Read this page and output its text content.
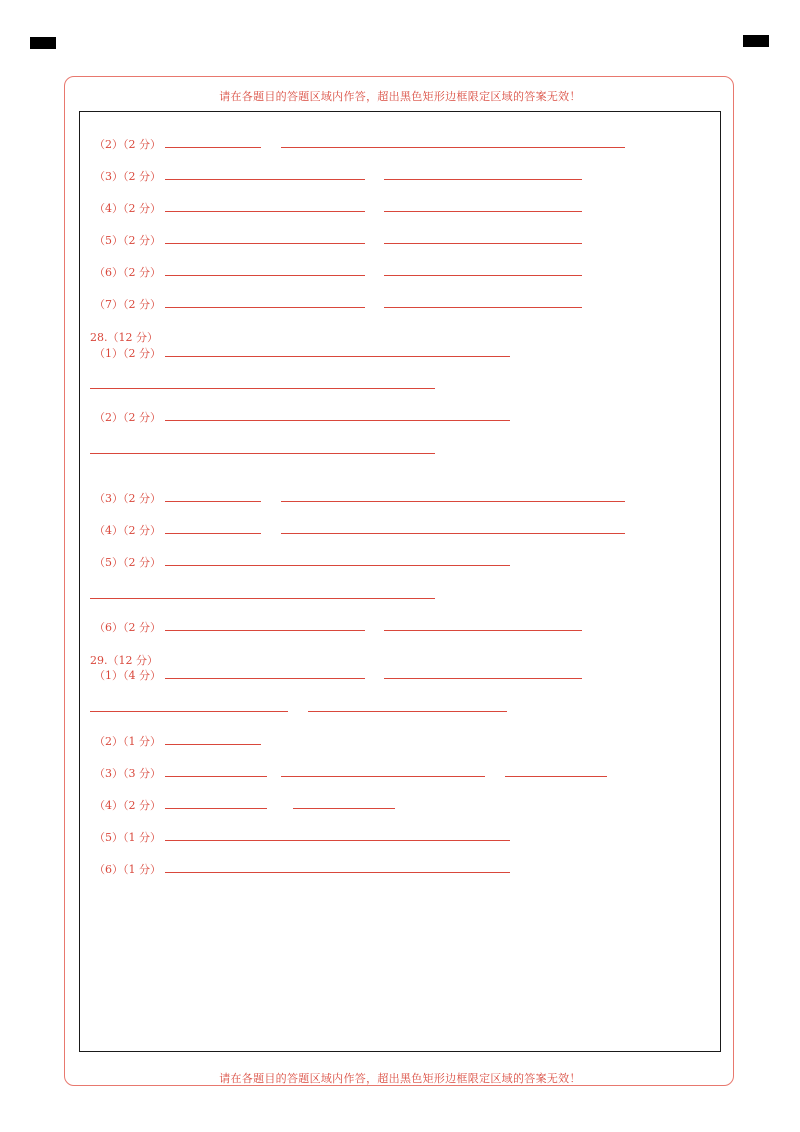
请在各题目的答题区域内作答，超出黑色矩形边框限定区域的答案无效！
（2）（2 分）
（3）（2 分）
（4）（2 分）
（5）（2 分）
（6）（2 分）
（7）（2 分）
28.（12 分）
（1）（2 分）
（2）（2 分）
（3）（2 分）
（4）（2 分）
（5）（2 分）
（6）（2 分）
29.（12 分）
（1）（4 分）
（2）（1 分）
（3）（3 分）
（4）（2 分）
（5）（1 分）
（6）（1 分）
请在各题目的答题区域内作答，超出黑色矩形边框限定区域的答案无效！
